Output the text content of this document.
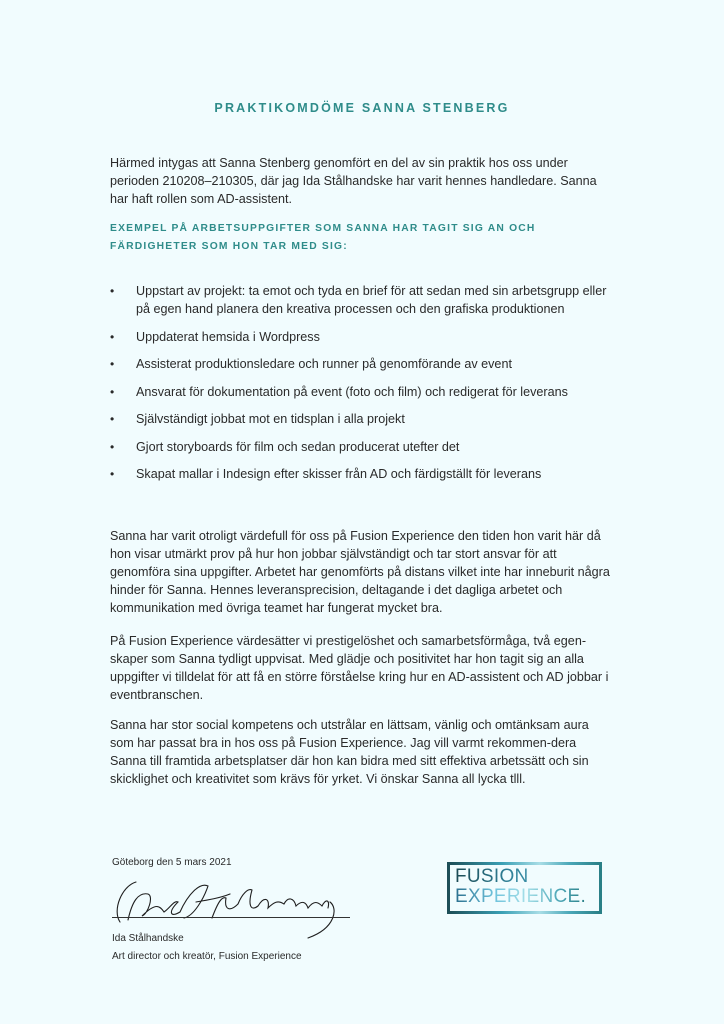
PRAKTIKOMDÖME SANNA STENBERG

Härmed intygas att Sanna Stenberg genomfört en del av sin praktik hos oss under perioden 210208–210305, där jag Ida Stålhandske har varit hennes handledare. Sanna har haft rollen som AD-assistent.

EXEMPEL PÅ ARBETSUPPGIFTER SOM SANNA HAR TAGIT SIG AN OCH FÄRDIGHETER SOM HON TAR MED SIG:

•	Uppstart av projekt: ta emot och tyda en brief för att sedan med sin arbetsgrupp eller på egen hand planera den kreativa processen och den grafiska produktionen
•	Uppdaterat hemsida i Wordpress
•	Assisterat produktionsledare och runner på genomförande av event
•	Ansvarat för dokumentation på event (foto och film) och redigerat för leverans
•	Självständigt jobbat mot en tidsplan i alla projekt
•	Gjort storyboards för film och sedan producerat utefter det
•	Skapat mallar i Indesign efter skisser från AD och färdigställt för leverans

Sanna har varit otroligt värdefull för oss på Fusion Experience den tiden hon varit här då hon visar utmärkt prov på hur hon jobbar självständigt och tar stort ansvar för att genomföra sina uppgifter. Arbetet har genomförts på distans vilket inte har inneburit några hinder för Sanna. Hennes leveransprecision, deltagande i det dagliga arbetet och kommunikation med övriga teamet har fungerat mycket bra.

På Fusion Experience värdesätter vi prestigelöshet och samarbetsförmåga, två egen-skaper som Sanna tydligt uppvisat. Med glädje och positivitet har hon tagit sig an alla uppgifter vi tilldelat för att få en större förståelse kring hur en AD-assistent och AD jobbar i eventbranschen.

Sanna har stor social kompetens och utstrålar en lättsam, vänlig och omtänksam aura som har passat bra in hos oss på Fusion Experience. Jag vill varmt rekommen-dera Sanna till framtida arbetsplatser där hon kan bidra med sitt effektiva arbetssätt och sin skicklighet och kreativitet som krävs för yrket. Vi önskar Sanna all lycka tlll.

Göteborg den 5 mars 2021
Ida Stålhandske
Art director och kreatör, Fusion Experience
FUSION
EXPERIENCE.
